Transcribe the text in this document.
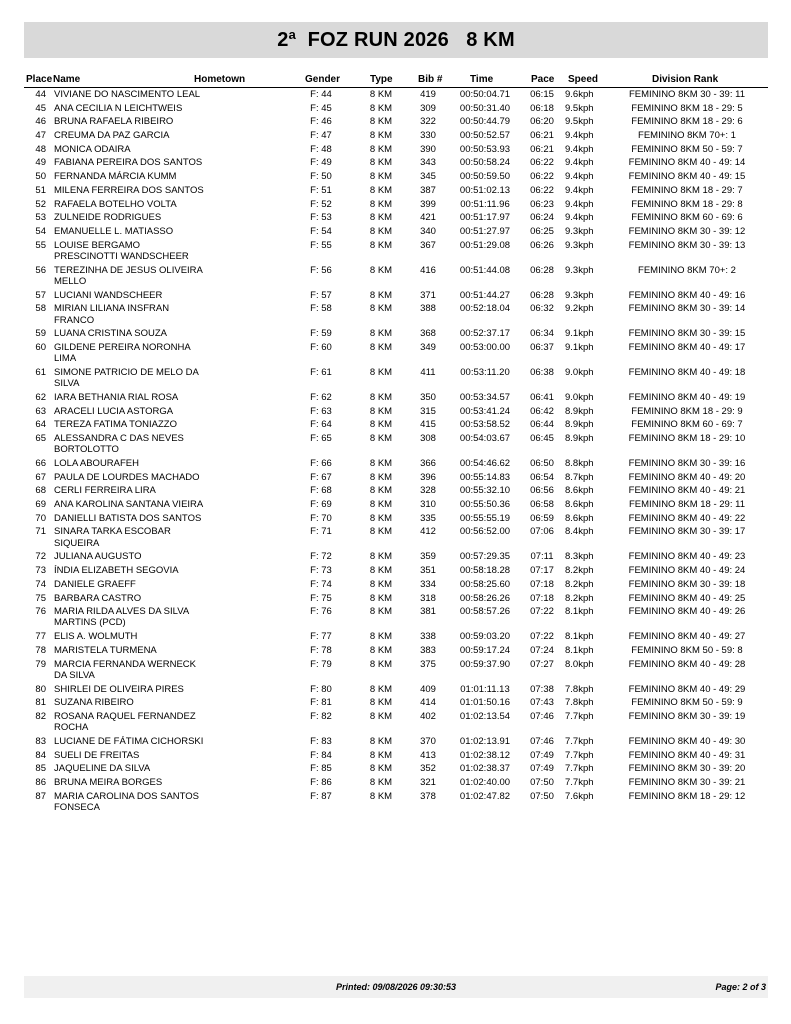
2ª  FOZ RUN 2026   8 KM
Place Name	Hometown	Gender	Type	Bib #	Time	Pace Speed	Division Rank
44 VIVIANE DO NASCIMENTO LEAL	F: 44	8 KM	419	00:50:04.71	06:15	9.6kph	FEMININO 8KM 30 - 39: 11
45 ANA CECILIA N LEICHTWEIS	F: 45	8 KM	309	00:50:31.40	06:18	9.5kph	FEMININO 8KM 18 - 29: 5
46 BRUNA RAFAELA RIBEIRO	F: 46	8 KM	322	00:50:44.79	06:20	9.5kph	FEMININO 8KM 18 - 29: 6
47 CREUMA DA PAZ GARCIA	F: 47	8 KM	330	00:50:52.57	06:21	9.4kph	FEMININO 8KM 70+: 1
48 MONICA ODAIRA	F: 48	8 KM	390	00:50:53.93	06:21	9.4kph	FEMININO 8KM 50 - 59: 7
49 FABIANA PEREIRA DOS SANTOS	F: 49	8 KM	343	00:50:58.24	06:22	9.4kph	FEMININO 8KM 40 - 49: 14
50 FERNANDA MÁRCIA KUMM	F: 50	8 KM	345	00:50:59.50	06:22	9.4kph	FEMININO 8KM 40 - 49: 15
51 MILENA FERREIRA DOS SANTOS	F: 51	8 KM	387	00:51:02.13	06:22	9.4kph	FEMININO 8KM 18 - 29: 7
52 RAFAELA BOTELHO VOLTA	F: 52	8 KM	399	00:51:11.96	06:23	9.4kph	FEMININO 8KM 18 - 29: 8
53 ZULNEIDE RODRIGUES	F: 53	8 KM	421	00:51:17.97	06:24	9.4kph	FEMININO 8KM 60 - 69: 6
54 EMANUELLE L. MATIASSO	F: 54	8 KM	340	00:51:27.97	06:25	9.3kph	FEMININO 8KM 30 - 39: 12
55 LOUISE BERGAMO PRESCINOTTI WANDSCHEER
F: 55	8 KM	367	00:51:29.08	06:26	9.3kph	FEMININO 8KM 30 - 39: 13
56 TEREZINHA DE JESUS OLIVEIRA MELLO
F: 56	8 KM	416	00:51:44.08	06:28	9.3kph	FEMININO 8KM 70+: 2
57 LUCIANI WANDSCHEER	F: 57	8 KM	371	00:51:44.27	06:28	9.3kph	FEMININO 8KM 40 - 49: 16
58 MIRIAN LILIANA INSFRAN FRANCO
F: 58	8 KM	388	00:52:18.04	06:32	9.2kph	FEMININO 8KM 30 - 39: 14
59 LUANA CRISTINA SOUZA	F: 59	8 KM	368	00:52:37.17	06:34	9.1kph	FEMININO 8KM 30 - 39: 15
60 GILDENE PEREIRA NORONHA LIMA
F: 60	8 KM	349	00:53:00.00	06:37	9.1kph	FEMININO 8KM 40 - 49: 17
61 SIMONE PATRICIO DE MELO DA SILVA
F: 61	8 KM	411	00:53:11.20	06:38	9.0kph	FEMININO 8KM 40 - 49: 18
62 IARA BETHANIA RIAL ROSA	F: 62	8 KM	350	00:53:34.57	06:41	9.0kph	FEMININO 8KM 40 - 49: 19
63 ARACELI LUCIA ASTORGA	F: 63	8 KM	315	00:53:41.24	06:42	8.9kph	FEMININO 8KM 18 - 29: 9
64 TEREZA FATIMA TONIAZZO	F: 64	8 KM	415	00:53:58.52	06:44	8.9kph	FEMININO 8KM 60 - 69: 7
65 ALESSANDRA C DAS NEVES BORTOLOTTO
F: 65	8 KM	308	00:54:03.67	06:45	8.9kph	FEMININO 8KM 18 - 29: 10
66 LOLA ABOURAFEH	F: 66	8 KM	366	00:54:46.62	06:50	8.8kph	FEMININO 8KM 30 - 39: 16
67 PAULA DE LOURDES MACHADO	F: 67	8 KM	396	00:55:14.83	06:54	8.7kph	FEMININO 8KM 40 - 49: 20
68 CERLI FERREIRA LIRA	F: 68	8 KM	328	00:55:32.10	06:56	8.6kph	FEMININO 8KM 40 - 49: 21
69 ANA KAROLINA SANTANA VIEIRA	F: 69	8 KM	310	00:55:50.36	06:58	8.6kph	FEMININO 8KM 18 - 29: 11
70 DANIELLI BATISTA DOS SANTOS	F: 70	8 KM	335	00:55:55.19	06:59	8.6kph	FEMININO 8KM 40 - 49: 22
71 SINARA TARKA ESCOBAR SIQUEIRA
F: 71	8 KM	412	00:56:52.00	07:06	8.4kph	FEMININO 8KM 30 - 39: 17
72 JULIANA AUGUSTO	F: 72	8 KM	359	00:57:29.35	07:11	8.3kph	FEMININO 8KM 40 - 49: 23
73 ÍNDIA ELIZABETH SEGOVIA	F: 73	8 KM	351	00:58:18.28	07:17	8.2kph	FEMININO 8KM 40 - 49: 24
74 DANIELE GRAEFF	F: 74	8 KM	334	00:58:25.60	07:18	8.2kph	FEMININO 8KM 30 - 39: 18
75 BARBARA CASTRO	F: 75	8 KM	318	00:58:26.26	07:18	8.2kph	FEMININO 8KM 40 - 49: 25
76 MARIA RILDA ALVES DA SILVA MARTINS (PCD)
F: 76	8 KM	381	00:58:57.26	07:22	8.1kph	FEMININO 8KM 40 - 49: 26
77 ELIS A. WOLMUTH	F: 77	8 KM	338	00:59:03.20	07:22	8.1kph	FEMININO 8KM 40 - 49: 27
78 MARISTELA TURMENA	F: 78	8 KM	383	00:59:17.24	07:24	8.1kph	FEMININO 8KM 50 - 59: 8
79 MARCIA FERNANDA WERNECK DA SILVA
F: 79	8 KM	375	00:59:37.90	07:27	8.0kph	FEMININO 8KM 40 - 49: 28
80 SHIRLEI DE OLIVEIRA PIRES	F: 80	8 KM	409	01:01:11.13	07:38	7.8kph	FEMININO 8KM 40 - 49: 29
81 SUZANA RIBEIRO	F: 81	8 KM	414	01:01:50.16	07:43	7.8kph	FEMININO 8KM 50 - 59: 9
82 ROSANA RAQUEL FERNANDEZ ROCHA
F: 82	8 KM	402	01:02:13.54	07:46	7.7kph	FEMININO 8KM 30 - 39: 19
83 LUCIANE DE FÁTIMA CICHORSKI	F: 83	8 KM	370	01:02:13.91	07:46	7.7kph	FEMININO 8KM 40 - 49: 30
84 SUELI DE FREITAS	F: 84	8 KM	413	01:02:38.12	07:49	7.7kph	FEMININO 8KM 40 - 49: 31
85 JAQUELINE DA SILVA	F: 85	8 KM	352	01:02:38.37	07:49	7.7kph	FEMININO 8KM 30 - 39: 20
86 BRUNA MEIRA BORGES	F: 86	8 KM	321	01:02:40.00	07:50	7.7kph	FEMININO 8KM 30 - 39: 21
87 MARIA CAROLINA DOS SANTOS FONSECA
F: 87	8 KM	378	01:02:47.82	07:50	7.6kph	FEMININO 8KM 18 - 29: 12
Printed: 09/08/2026 09:30:53	Page: 2 of 3
